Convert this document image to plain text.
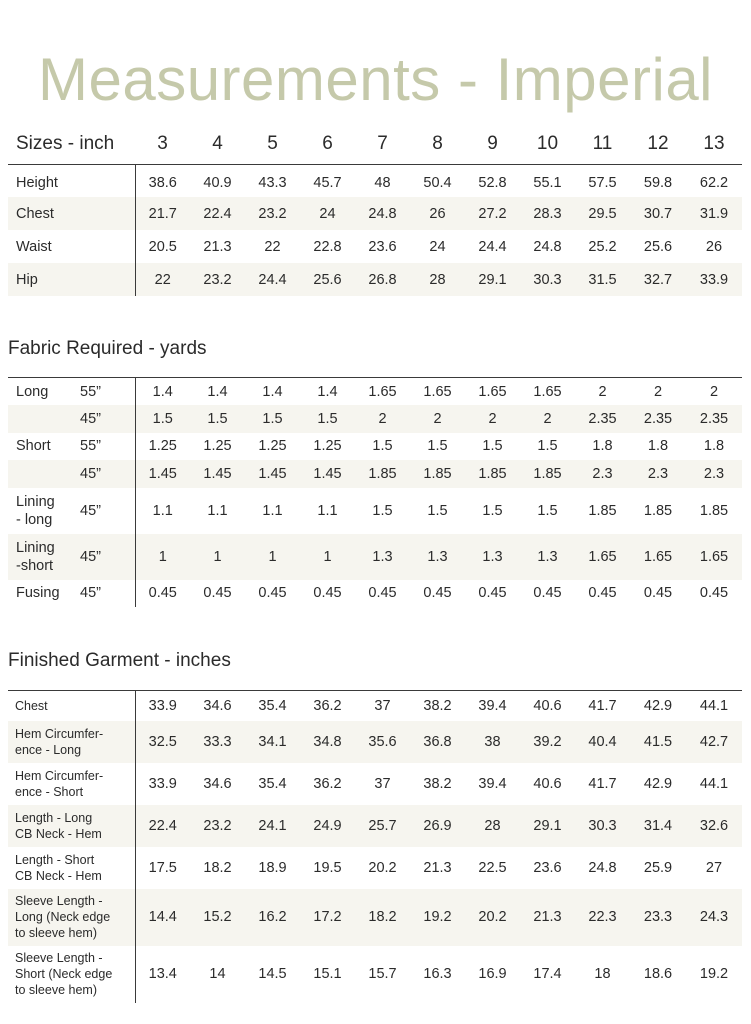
Measurements - Imperial
Sizes - inch	3	4	5	6	7	8	9	10	11	12	13
Height	38.6	40.9	43.3	45.7	48	50.4	52.8	55.1	57.5	59.8	62.2
Chest	21.7	22.4	23.2	24	24.8	26	27.2	28.3	29.5	30.7	31.9
Waist	20.5	21.3	22	22.8	23.6	24	24.4	24.8	25.2	25.6	26
Hip	22	23.2	24.4	25.6	26.8	28	29.1	30.3	31.5	32.7	33.9
Fabric Required - yards
Long	55”	1.4	1.4	1.4	1.4	1.65	1.65	1.65	1.65	2	2	2
	45”	1.5	1.5	1.5	1.5	2	2	2	2	2.35	2.35	2.35
Short	55”	1.25	1.25	1.25	1.25	1.5	1.5	1.5	1.5	1.8	1.8	1.8
	45”	1.45	1.45	1.45	1.45	1.85	1.85	1.85	1.85	2.3	2.3	2.3

Lining
- long	45”	1.1	1.1	1.1	1.1	1.5	1.5	1.5	1.5	1.85	1.85	1.85

Lining
-short	45”	1	1	1	1	1.3	1.3	1.3	1.3	1.65	1.65	1.65
Fusing	45”	0.45	0.45	0.45	0.45	0.45	0.45	0.45	0.45	0.45	0.45	0.45
Finished Garment - inches
Chest	33.9	34.6	35.4	36.2	37	38.2	39.4	40.6	41.7	42.9	44.1

Hem Circumfer-
ence - Long	32.5	33.3	34.1	34.8	35.6	36.8	38	39.2	40.4	41.5	42.7

Hem Circumfer-
ence - Short	33.9	34.6	35.4	36.2	37	38.2	39.4	40.6	41.7	42.9	44.1

Length - Long
CB Neck - Hem	22.4	23.2	24.1	24.9	25.7	26.9	28	29.1	30.3	31.4	32.6

Length - Short
CB Neck - Hem	17.5	18.2	18.9	19.5	20.2	21.3	22.5	23.6	24.8	25.9	27

Sleeve Length -
Long (Neck edge
to sleeve hem)	14.4	15.2	16.2	17.2	18.2	19.2	20.2	21.3	22.3	23.3	24.3

Sleeve Length -
Short (Neck edge
to sleeve hem)	13.4	14	14.5	15.1	15.7	16.3	16.9	17.4	18	18.6	19.2
